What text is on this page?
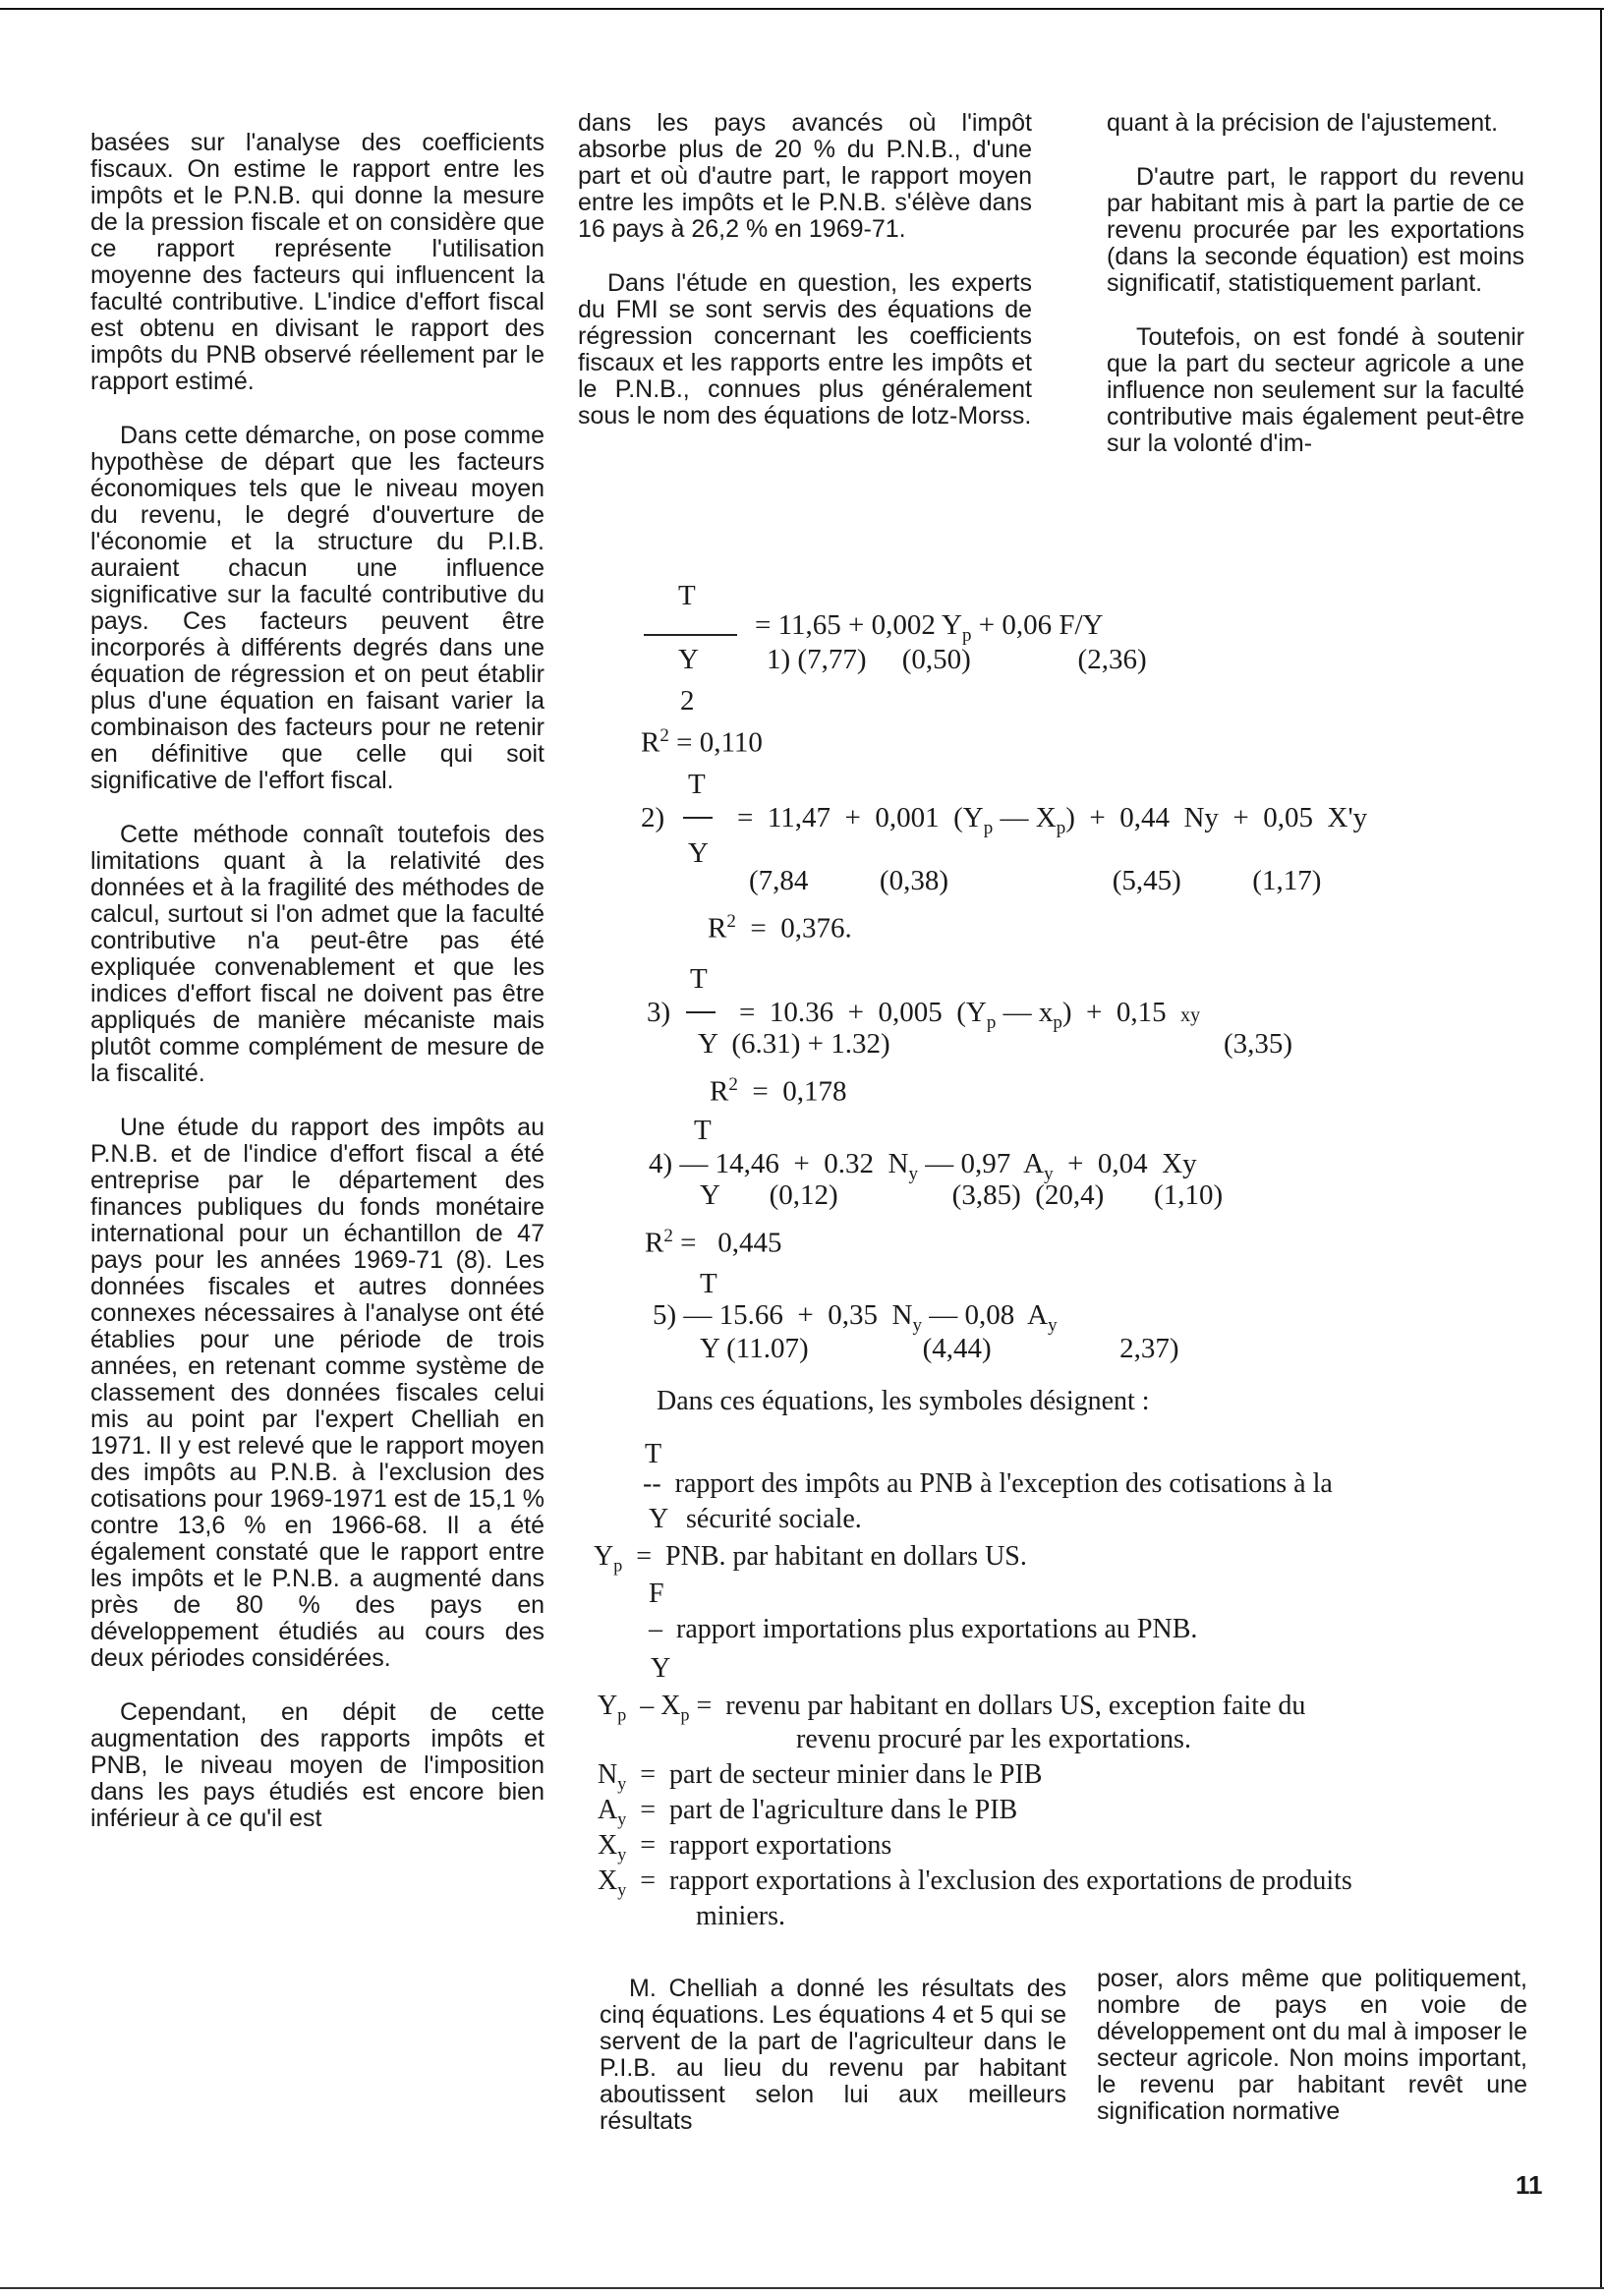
basées sur l'analyse des coefficients fiscaux. On estime le rapport entre les impôts et le P.N.B. qui donne la mesure de la pression fiscale et on considère que ce rapport représente l'utilisation moyenne des facteurs qui influencent la faculté contributive. L'indice d'effort fiscal est obtenu en divisant le rapport des impôts du PNB observé réellement par le rapport estimé.

Dans cette démarche, on pose comme hypothèse de départ que les facteurs économiques tels que le niveau moyen du revenu, le degré d'ouverture de l'économie et la structure du P.I.B. auraient chacun une influence significative sur la faculté contributive du pays. Ces facteurs peuvent être incorporés à différents degrés dans une équation de régression et on peut établir plus d'une équation en faisant varier la combinaison des facteurs pour ne retenir en définitive que celle qui soit significative de l'effort fiscal.

Cette méthode connaît toutefois des limitations quant à la relativité des données et à la fragilité des méthodes de calcul, surtout si l'on admet que la faculté contributive n'a peut-être pas été expliquée convenablement et que les indices d'effort fiscal ne doivent pas être appliqués de manière mécaniste mais plutôt comme complément de mesure de la fiscalité.

Une étude du rapport des impôts au P.N.B. et de l'indice d'effort fiscal a été entreprise par le département des finances publiques du fonds monétaire international pour un échantillon de 47 pays pour les années 1969-71 (8). Les données fiscales et autres données connexes nécessaires à l'analyse ont été établies pour une période de trois années, en retenant comme système de classement des données fiscales celui mis au point par l'expert Chelliah en 1971. Il y est relevé que le rapport moyen des impôts au P.N.B. à l'exclusion des cotisations pour 1969-1971 est de 15,1 % contre 13,6 % en 1966-68. Il a été également constaté que le rapport entre les impôts et le P.N.B. a augmenté dans près de 80 % des pays en développement étudiés au cours des deux périodes considérées.

Cependant, en dépit de cette augmentation des rapports impôts et PNB, le niveau moyen de l'imposition dans les pays étudiés est encore bien inférieur à ce qu'il est

dans les pays avancés où l'impôt absorbe plus de 20 % du P.N.B., d'une part et où d'autre part, le rapport moyen entre les impôts et le P.N.B. s'élève dans 16 pays à 26,2 % en 1969-71.

Dans l'étude en question, les experts du FMI se sont servis des équations de régression concernant les coefficients fiscaux et les rapports entre les impôts et le P.N.B., connues plus généralement sous le nom des équations de lotz-Morss.

quant à la précision de l'ajustement.

D'autre part, le rapport du revenu par habitant mis à part la partie de ce revenu procurée par les exportations (dans la seconde équation) est moins significatif, statistiquement parlant.

Toutefois, on est fondé à soutenir que la part du secteur agricole a une influence non seulement sur la faculté contributive mais également peut-être sur la volonté d'im-

T
= 11,65 + 0,002 $Y_p + 0,06$ F/Y
Y 1) (7,77)     (0,50)               (2,36)
2
$R^2 = 0,110$
T
2)	=  11,47  +  0,001  ($Y_p$ — $X_p) + 0,44$  Ny  +  0,05  X'y
Y
(7,84          (0,38)                       (5,45)          (1,17)
$R^2 = 0,376$.
T
3) =  10.36  +  0,005  ($Y_p$ — $x_p) + 0,15$  xy
Y  (6.31) + 1.32)	(3,35)
$R^2 = 0,178$
T
4) — 14,46  +  0.32  $N_y$ — 0,97  $A_y + 0,04$  Xy
Y       (0,12)                (3,85)  (20,4)       (1,10)
$R^2 = 0,445$
T
5) — 15.66  +  0,35  $N_y$ — 0,08  $A_y$
Y (11.07)                (4,44)                  2,37)
Dans ces équations, les symboles désignent :
T
-- rapport des impôts au PNB à l'exception des cotisations à la
Y sécurité sociale.
$Y_p$ = PNB. par habitant en dollars US.
F
– rapport importations plus exportations au PNB.
Y
$Y_p - X_p$ = revenu par habitant en dollars US, exception faite du
revenu procuré par les exportations.
$N_y$ = part de secteur minier dans le PIB
$A_y$ = part de l'agriculture dans le PIB
$X_y$ = rapport exportations
$X_y$ = rapport exportations à l'exclusion des exportations de produits
miniers.

M. Chelliah a donné les résultats des cinq équations. Les équations 4 et 5 qui se servent de la part de l'agriculteur dans le P.I.B. au lieu du revenu par habitant aboutissent selon lui aux meilleurs résultats

poser, alors même que politiquement, nombre de pays en voie de développement ont du mal à imposer le secteur agricole. Non moins important, le revenu par habitant revêt une signification normative

11
